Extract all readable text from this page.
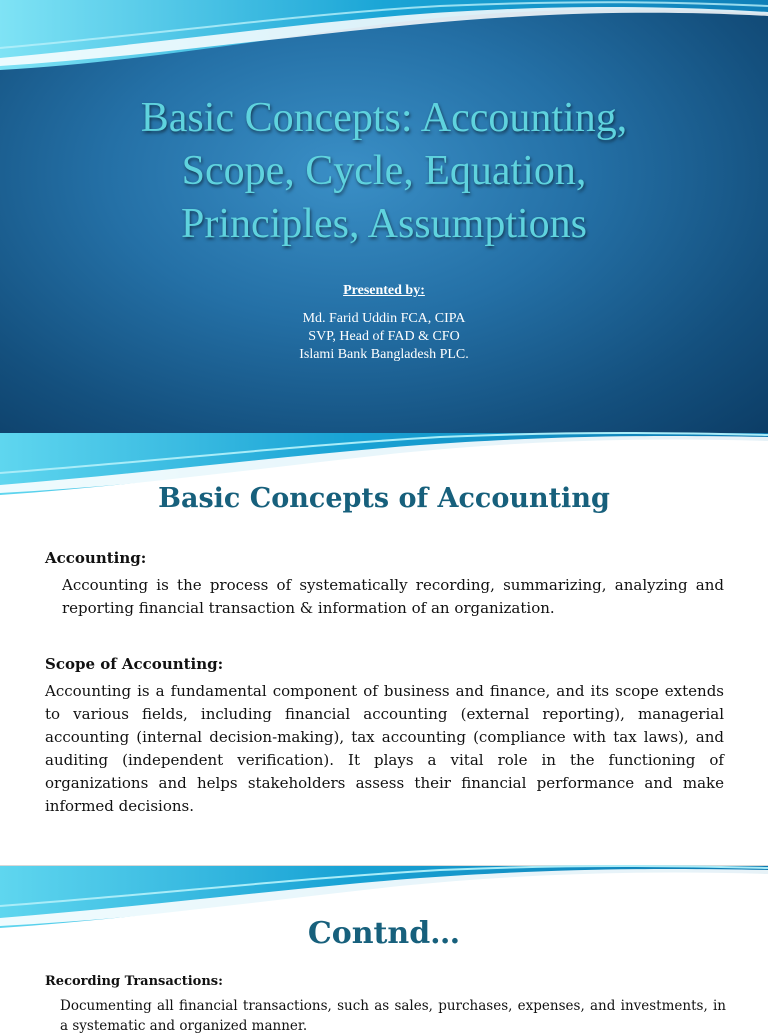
Basic Concepts: Accounting,
Scope, Cycle, Equation,
Principles, Assumptions
Presented by:
Md. Farid Uddin FCA, CIPA
SVP, Head of FAD & CFO
Islami Bank Bangladesh PLC.
Basic Concepts of Accounting
Accounting:
Accounting is the process of systematically recording, summarizing, analyzing and reporting financial transaction & information of an organization.
Scope of Accounting:
Accounting is a fundamental component of business and finance, and its scope extends to various fields, including financial accounting (external reporting), managerial accounting (internal decision-making), tax accounting (compliance with tax laws), and auditing (independent verification). It plays a vital role in the functioning of organizations and helps stakeholders assess their financial performance and make informed decisions.
Contnd…
Recording Transactions:
Documenting all financial transactions, such as sales, purchases, expenses, and investments, in a systematic and organized manner.
